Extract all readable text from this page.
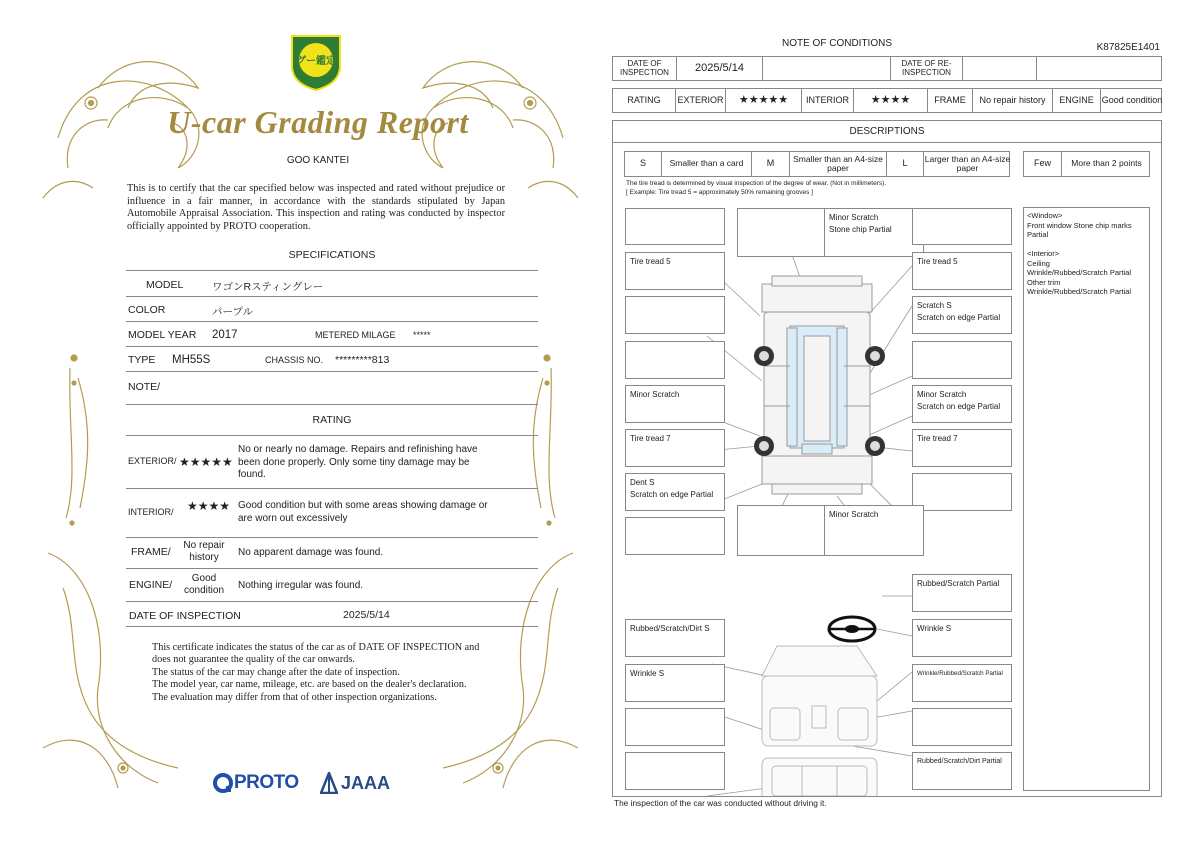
グー鑑定
U-car Grading Report
GOO KANTEI
This is to certify that the car specified below was inspected and rated without prejudice or influence in a fair manner, in accordance with the standards stipulated by Japan Automobile Appraisal Association. This inspection and rating was conducted by inspector officially appointed by PROTO cooperation.
SPECIFICATIONS
MODEL	ワゴンRスティングレー
COLOR	パープル
MODEL YEAR 2017	METERED MILAGE *****
TYPE MH55S	CHASSIS NO. *********813
NOTE/
RATING
EXTERIOR/ ★★★★★
No or nearly no damage. Repairs and refinishing have been done properly. Only some tiny damage may be found.
INTERIOR/ ★★★★ Good condition but with some areas showing damage or are worn out excessively
FRAME/
No repair history	No apparent damage was found.
ENGINE/
Good condition	Nothing irregular was found.
DATE OF INSPECTION	2025/5/14
This certificate indicates the status of the car as of DATE OF INSPECTION and does not guarantee the quality of the car onwards.
The status of the car may change after the date of inspection.
The model year, car name, mileage, etc. are based on the dealer's declaration.
The evaluation may differ from that of other inspection organizations.
PROTO JAAA
NOTE OF CONDITIONS	K87825E1401
DATE OF INSPECTION	2025/5/14	DATE OF RE-INSPECTION
RATING	EXTERIOR	★★★★★	INTERIOR	★★★★	FRAME	No repair history	ENGINE Good condition
DESCRIPTIONS
S	Smaller than a card	M	Smaller than an A4-size paper	L	Larger than an A4-size paper	Few	More than 2 points
The tire tread is determined by visual inspection of the degree of wear. (Not in millimeters).
[ Example: Tire tread 5 = approximately 50% remaining grooves ]
<Window>
Front window Stone chip marks Partial

<Interior>
Ceiling
Wrinkle/Rubbed/Scratch Partial
Other trim
Wrinkle/Rubbed/Scratch Partial
Minor Scratch
Stone chip Partial
Tire tread 5	Tire tread 5
Scratch S
Scratch on edge Partial
Minor Scratch	Minor Scratch
Scratch on edge Partial
Tire tread 7	Tire tread 7
Dent S
Scratch on edge Partial
Minor Scratch
Rubbed/Scratch Partial
Rubbed/Scratch/Dirt S	Wrinkle S
Wrinkle S	Wrinkle/Rubbed/Scratch Partial
Rubbed/Scratch/Dirt Partial
The inspection of the car was conducted without driving it.
